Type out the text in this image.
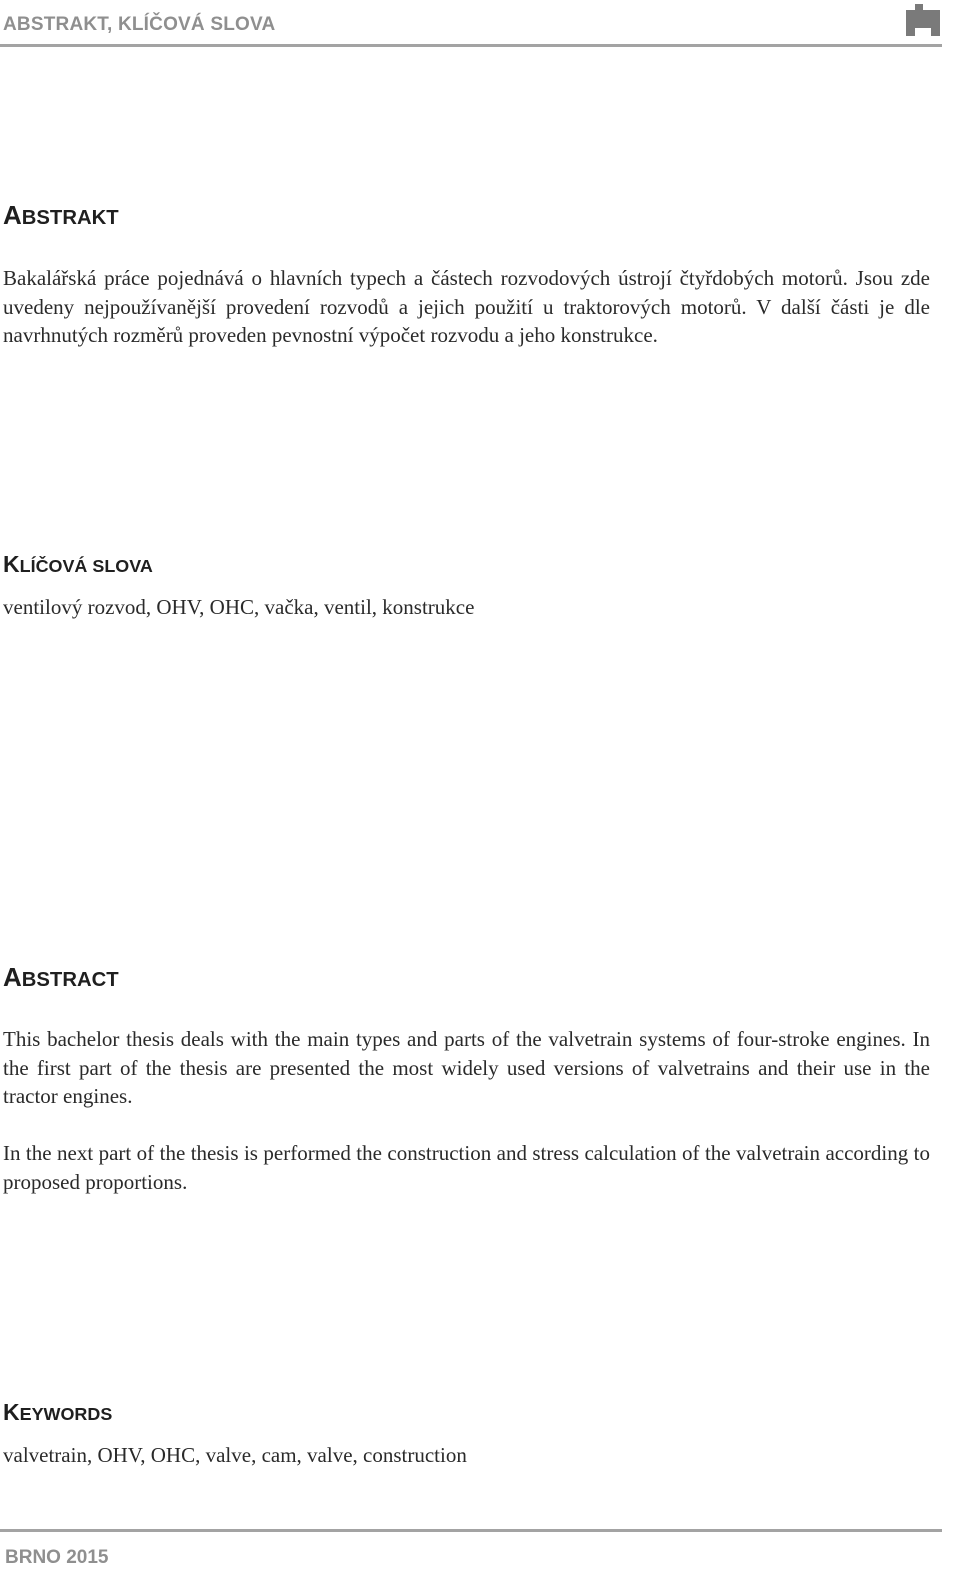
ABSTRAKT, KLÍČOVÁ SLOVA
ABSTRAKT

Bakalářská práce pojednává o hlavních typech a částech rozvodových ústrojí čtyřdobých motorů. Jsou zde uvedeny nejpoužívanější provedení rozvodů a jejich použití u traktorových motorů. V další části je dle navrhnutých rozměrů proveden pevnostní výpočet rozvodu a jeho konstrukce.

KLÍČOVÁ SLOVA

ventilový rozvod, OHV, OHC, vačka, ventil, konstrukce

ABSTRACT

This bachelor thesis deals with the main types and parts of the valvetrain systems of four-stroke engines. In the first part of the thesis are presented the most widely used versions of valvetrains and their use in the tractor engines.

In the next part of the thesis is performed the construction and stress calculation of the valvetrain according to proposed proportions.

KEYWORDS

valvetrain, OHV, OHC, valve, cam, valve, construction

BRNO 2015
